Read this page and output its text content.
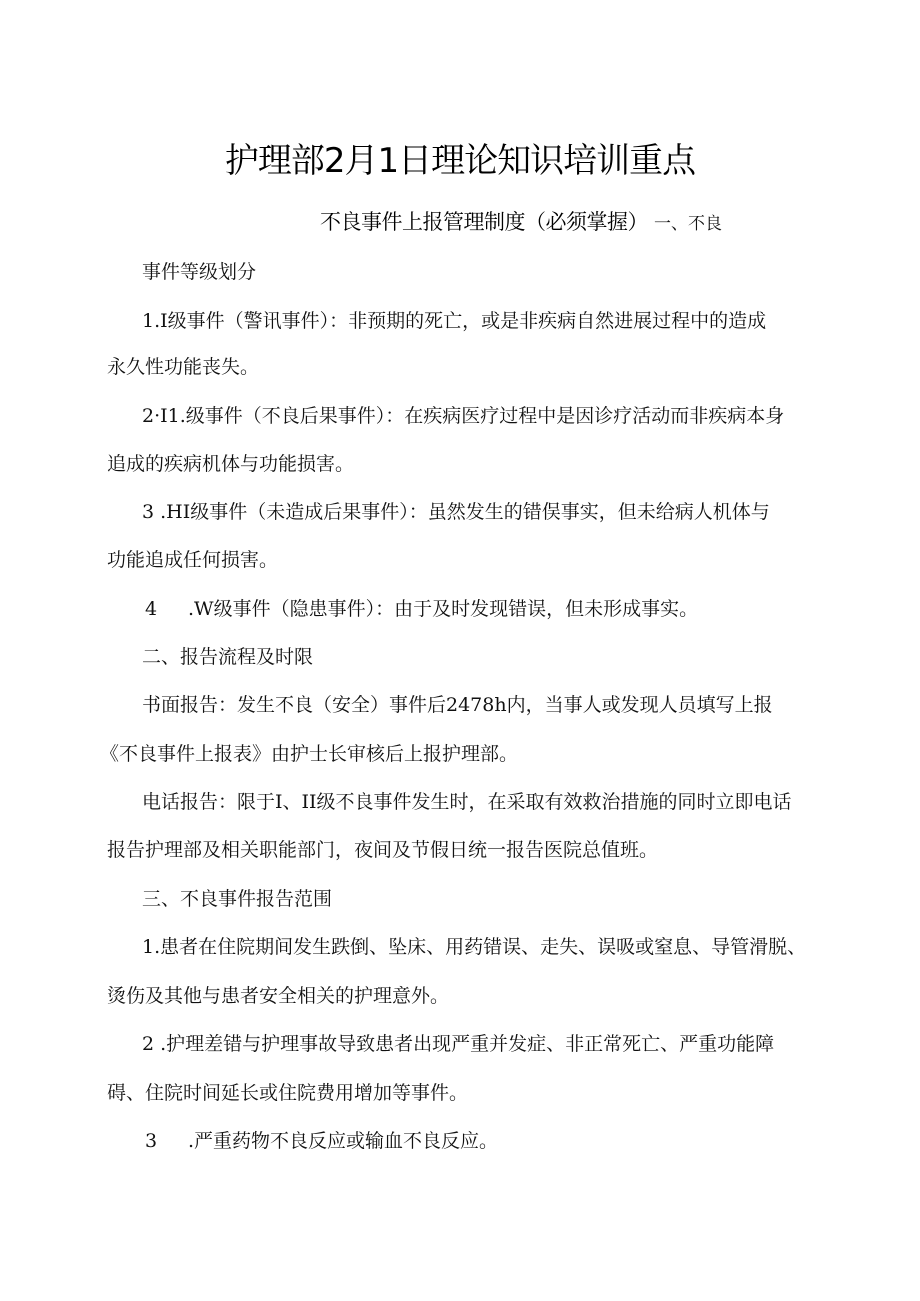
护理部2月1日理论知识培训重点
不良事件上报管理制度（必须掌握） 一、不良
事件等级划分
1.I级事件（警讯事件）：非预期的死亡，或是非疾病自然进展过程中的造成
永久性功能丧失。
2·I1.级事件（不良后果事件）：在疾病医疗过程中是因诊疗活动而非疾病本身
追成的疾病机体与功能损害。
3 .HI级事件（未造成后果事件）：虽然发生的错俣事实，但未给病人机体与
功能追成任何损害。
4 .W级事件（隐患事件）：由于及时发现错误，但未形成事实。
二、报告流程及时限
书面报告：发生不良（安全）事件后2478h内，当事人或发现人员填写上报
《不良事件上报表》由护士长审核后上报护理部。
电话报告：限于I、II级不良事件发生时，在采取有效救治措施的同时立即电话
报告护理部及相关职能部门，夜间及节假日统一报告医院总值班。
三、不良事件报告范围
1.患者在住院期间发生跌倒、坠床、用药错误、走失、误吸或窒息、导管滑脱、
烫伤及其他与患者安全相关的护理意外。
2 .护理差错与护理事故导致患者出现严重并发症、非正常死亡、严重功能障
碍、住院时间延长或住院费用增加等事件。
3 .严重药物不良反应或输血不良反应。
